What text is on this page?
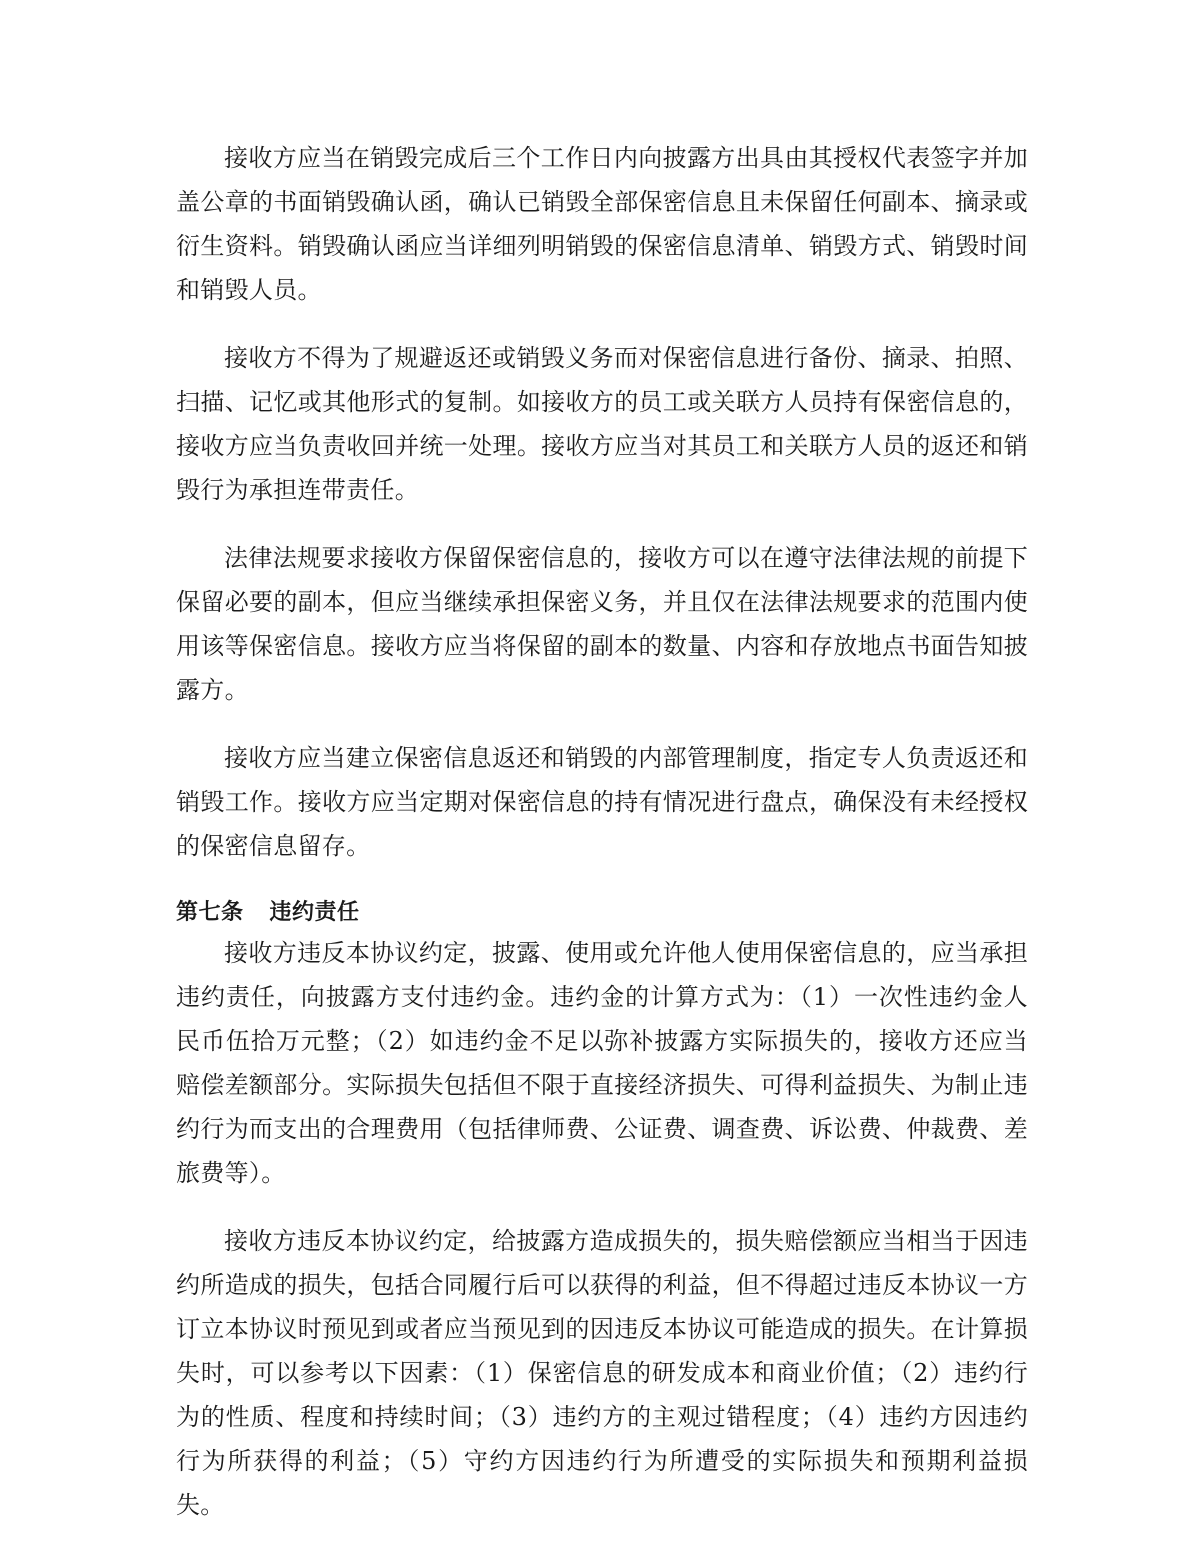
接收方应当在销毁完成后三个工作日内向披露方出具由其授权代表签字并加盖公章的书面销毁确认函，确认已销毁全部保密信息且未保留任何副本、摘录或衍生资料。销毁确认函应当详细列明销毁的保密信息清单、销毁方式、销毁时间和销毁人员。

接收方不得为了规避返还或销毁义务而对保密信息进行备份、摘录、拍照、扫描、记忆或其他形式的复制。如接收方的员工或关联方人员持有保密信息的，接收方应当负责收回并统一处理。接收方应当对其员工和关联方人员的返还和销毁行为承担连带责任。

法律法规要求接收方保留保密信息的，接收方可以在遵守法律法规的前提下保留必要的副本，但应当继续承担保密义务，并且仅在法律法规要求的范围内使用该等保密信息。接收方应当将保留的副本的数量、内容和存放地点书面告知披露方。

接收方应当建立保密信息返还和销毁的内部管理制度，指定专人负责返还和销毁工作。接收方应当定期对保密信息的持有情况进行盘点，确保没有未经授权的保密信息留存。

第七条 违约责任

接收方违反本协议约定，披露、使用或允许他人使用保密信息的，应当承担违约责任，向披露方支付违约金。违约金的计算方式为：（1）一次性违约金人民币伍拾万元整；（2）如违约金不足以弥补披露方实际损失的，接收方还应当赔偿差额部分。实际损失包括但不限于直接经济损失、可得利益损失、为制止违约行为而支出的合理费用（包括律师费、公证费、调查费、诉讼费、仲裁费、差旅费等）。

接收方违反本协议约定，给披露方造成损失的，损失赔偿额应当相当于因违约所造成的损失，包括合同履行后可以获得的利益，但不得超过违反本协议一方订立本协议时预见到或者应当预见到的因违反本协议可能造成的损失。在计算损失时，可以参考以下因素：（1）保密信息的研发成本和商业价值；（2）违约行为的性质、程度和持续时间；（3）违约方的主观过错程度；（4）违约方因违约行为所获得的利益；（5）守约方因违约行为所遭受的实际损失和预期利益损失。
